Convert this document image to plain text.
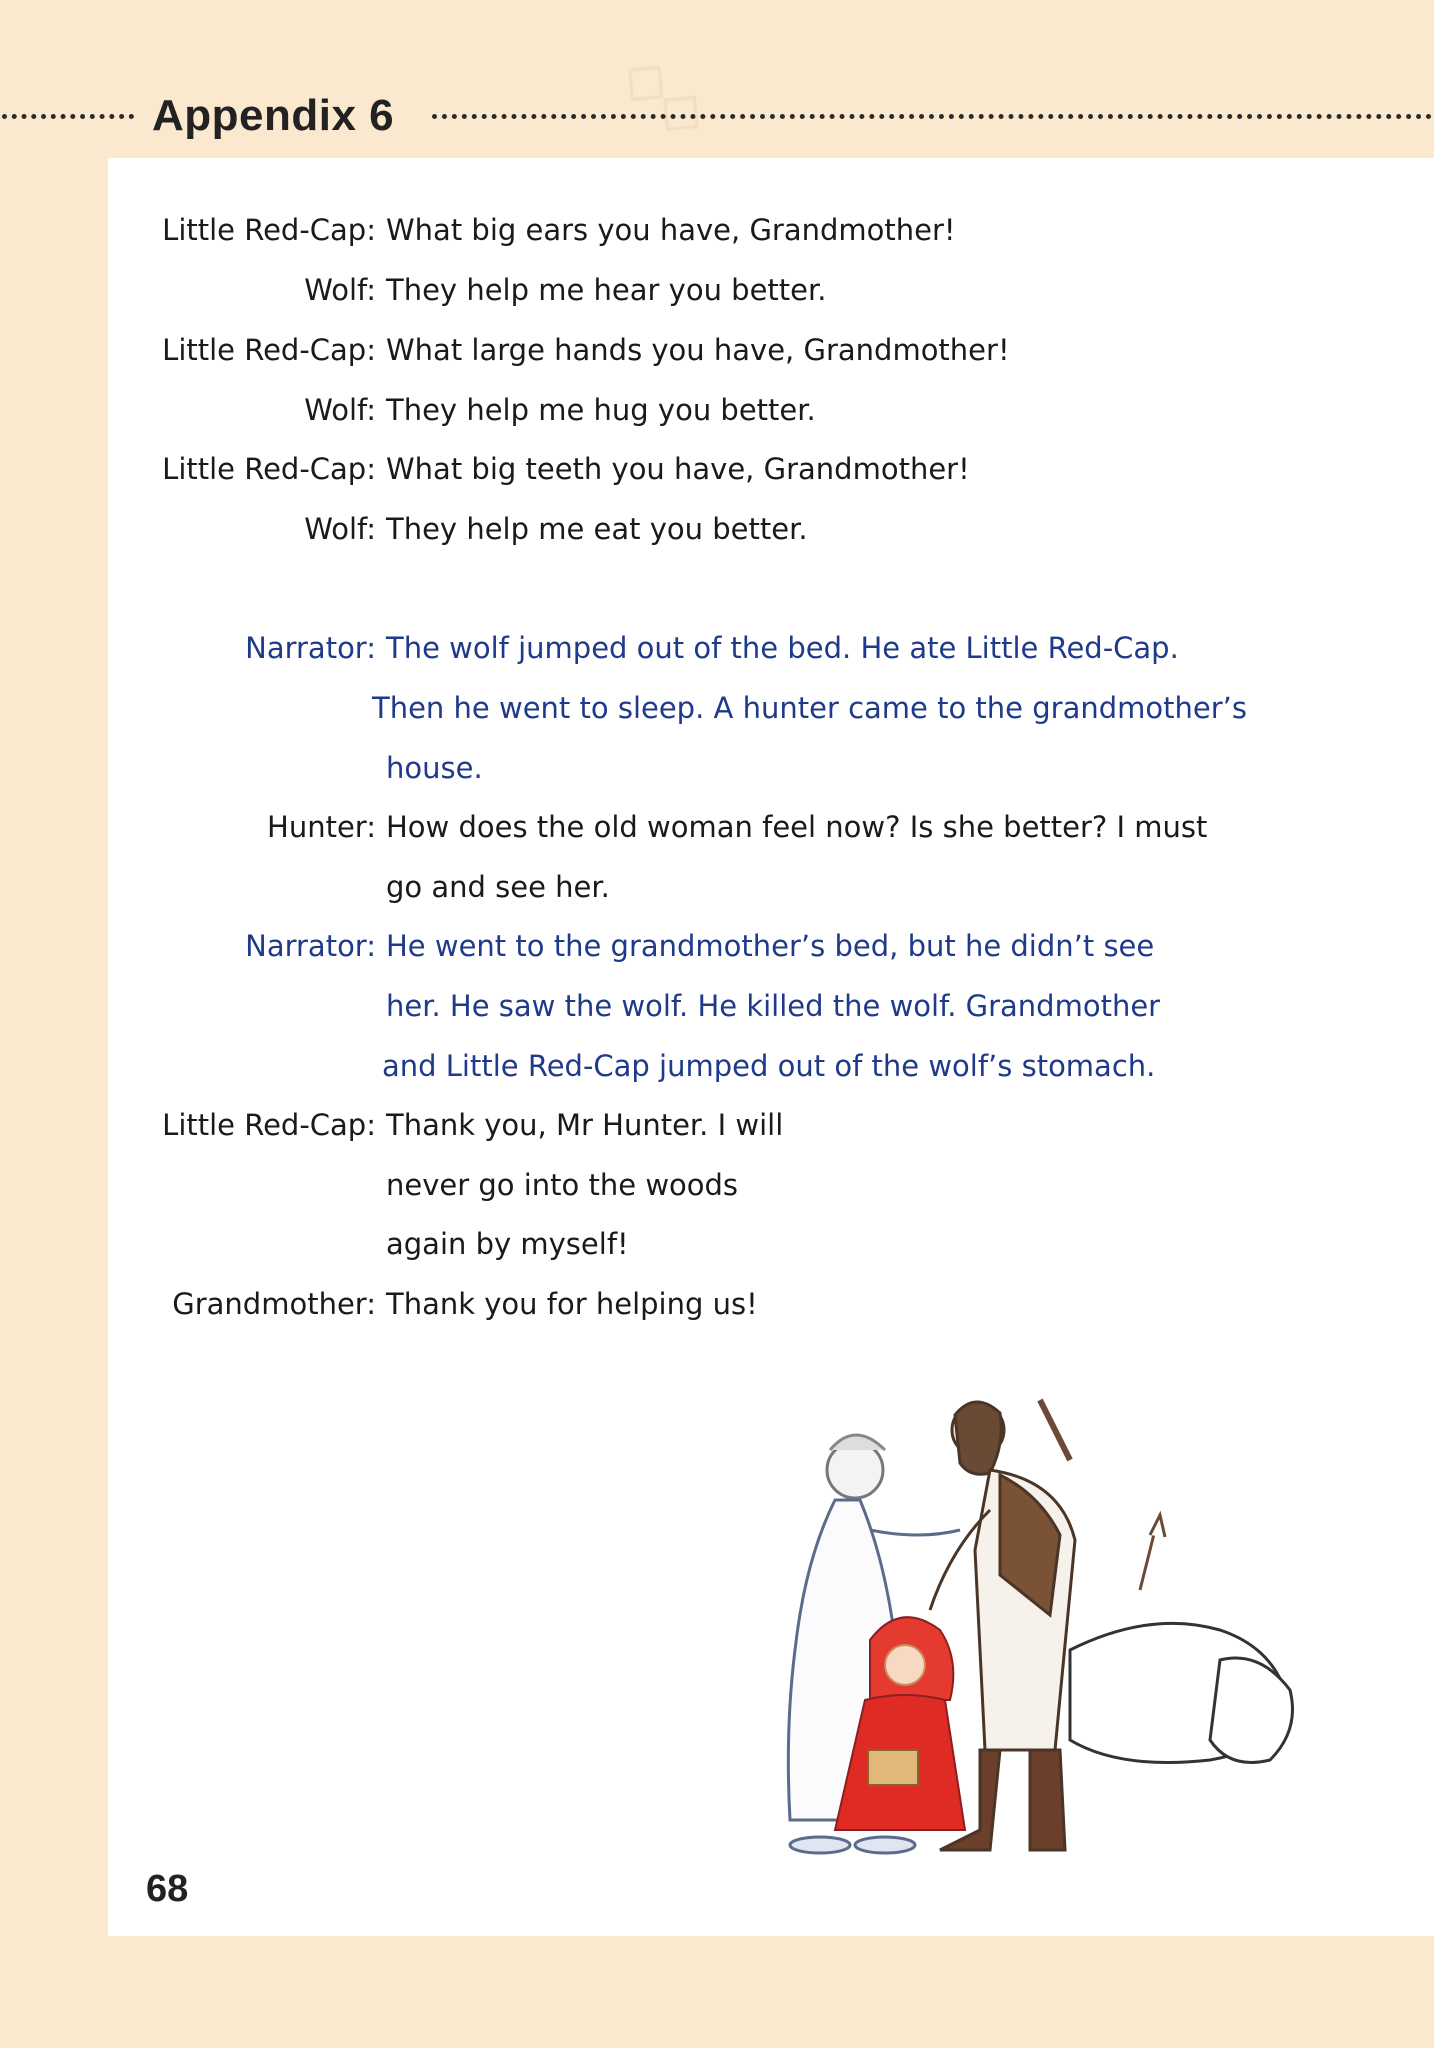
◇◇
Appendix 6
Little Red-Cap: What big ears you have, Grandmother!
Wolf: They help me hear you better.
Little Red-Cap: What large hands you have, Grandmother!
Wolf: They help me hug you better.
Little Red-Cap: What big teeth you have, Grandmother!
Wolf: They help me eat you better.
Narrator: The wolf jumped out of the bed. He ate Little Red-Cap.
Then he went to sleep. A hunter came to the grandmother’s
house.
Hunter: How does the old woman feel now? Is she better? I must
go and see her.
Narrator: He went to the grandmother’s bed, but he didn’t see
her. He saw the wolf. He killed the wolf. Grandmother
and Little Red-Cap jumped out of the wolf’s stomach.
Little Red-Cap: Thank you, Mr Hunter. I will
never go into the woods
again by myself!
Grandmother: Thank you for helping us!
68
